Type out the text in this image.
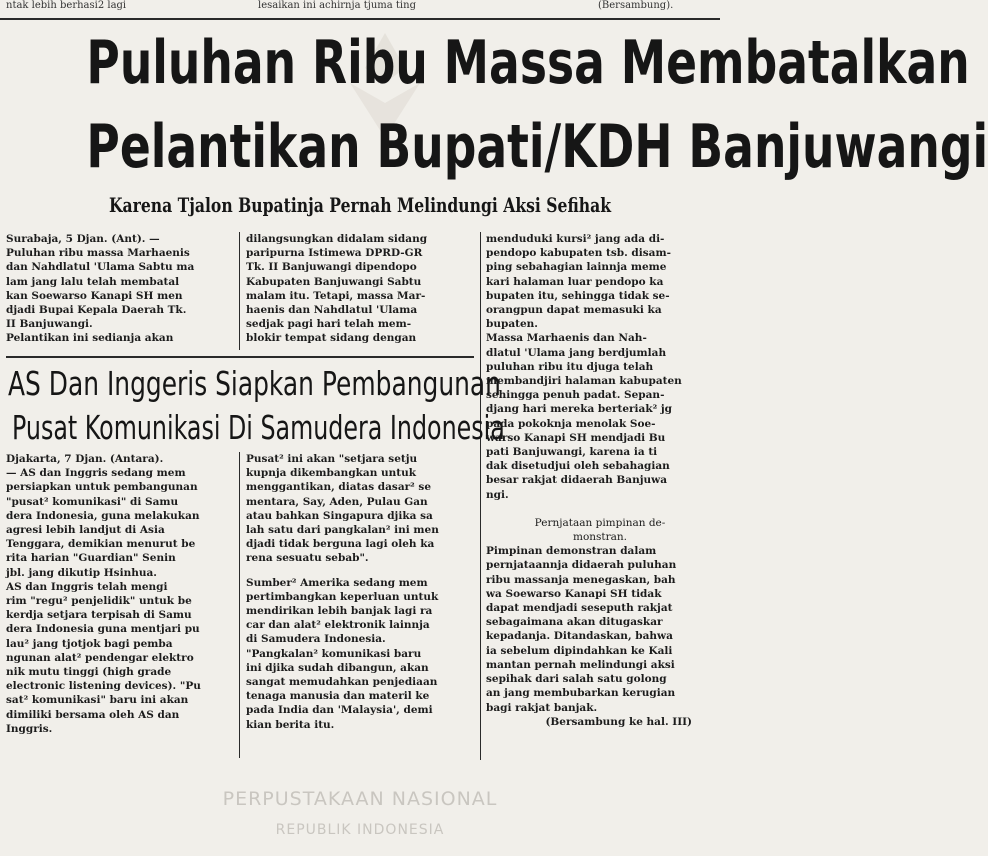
ntak lebih berhasi2 lagi	lesaikan ini achirnja tjuma ting	(Bersambung).
Puluhan Ribu Massa Membatalkan
Pelantikan Bupati/KDH Banjuwangi
Karena Tjalon Bupatinja Pernah Melindungi Aksi Sefihak

Surabaja, 5 Djan. (Ant). —
Puluhan ribu massa Marhaenis
dan Nahdlatul 'Ulama Sabtu ma
lam jang lalu telah membatal
kan Soewarso Kanapi SH men
djadi Bupai Kepala Daerah Tk.
II Banjuwangi.
Pelantikan ini sedianja akan

dilangsungkan didalam sidang
paripurna Istimewa DPRD-GR
Tk. II Banjuwangi dipendopo
Kabupaten Banjuwangi Sabtu
malam itu. Tetapi, massa Mar-
haenis dan Nahdlatul 'Ulama
sedjak pagi hari telah mem-
blokir tempat sidang dengan

menduduki kursi² jang ada di-
pendopo kabupaten tsb. disam-
ping sebahagian lainnja meme
kari halaman luar pendopo ka
bupaten itu, sehingga tidak se-
orangpun dapat memasuki ka
bupaten.

Massa Marhaenis dan Nah-
dlatul 'Ulama jang berdjumlah
puluhan ribu itu djuga telah
membandjiri halaman kabupaten
sehingga penuh padat. Sepan-
djang hari mereka berteriak² jg
pada pokoknja menolak Soe-
warso Kanapi SH mendjadi Bu
pati Banjuwangi, karena ia ti
dak disetudjui oleh sebahagian
besar rakjat didaerah Banjuwa
ngi.

Pernjataan pimpinan de-
monstran.

Pimpinan demonstran dalam
pernjataannja didaerah puluhan
ribu massanja menegaskan, bah
wa Soewarso Kanapi SH tidak
dapat mendjadi seseputh rakjat
sebagaimana akan ditugaskar
kepadanja. Ditandaskan, bahwa
ia sebelum dipindahkan ke Kali
mantan pernah melindungi aksi
sepihak dari salah satu golong
an jang membubarkan kerugian
bagi rakjat banjak.

(Bersambung ke hal. III)

AS Dan Inggeris Siapkan Pembangunan
Pusat Komunikasi Di Samudera Indonesia

Djakarta, 7 Djan. (Antara).
— AS dan Inggris sedang mem
persiapkan untuk pembangunan
"pusat² komunikasi" di Samu
dera Indonesia, guna melakukan
agresi lebih landjut di Asia
Tenggara, demikian menurut be
rita harian "Guardian" Senin
jbl. jang dikutip Hsinhua.

AS dan Inggris telah mengi
rim "regu² penjelidik" untuk be
kerdja setjara terpisah di Samu
dera Indonesia guna mentjari pu
lau² jang tjotjok bagi pemba
ngunan alat² pendengar elektro
nik mutu tinggi (high grade
electronic listening devices). "Pu
sat² komunikasi" baru ini akan
dimiliki bersama oleh AS dan
Inggris.

Pusat² ini akan "setjara setju
kupnja dikembangkan untuk
menggantikan, diatas dasar² se
mentara, Say, Aden, Pulau Gan
atau bahkan Singapura djika sa
lah satu dari pangkalan² ini men
djadi tidak berguna lagi oleh ka
rena sesuatu sebab".

Sumber² Amerika sedang mem
pertimbangkan keperluan untuk
mendirikan lebih banjak lagi ra
car dan alat² elektronik lainnja
di Samudera Indonesia.

"Pangkalan² komunikasi baru
ini djika sudah dibangun, akan
sangat memudahkan penjediaan
tenaga manusia dan materil ke
pada India dan 'Malaysia', demi
kian berita itu.

PERPUSTAKAAN NASIONAL
REPUBLIK INDONESIA
